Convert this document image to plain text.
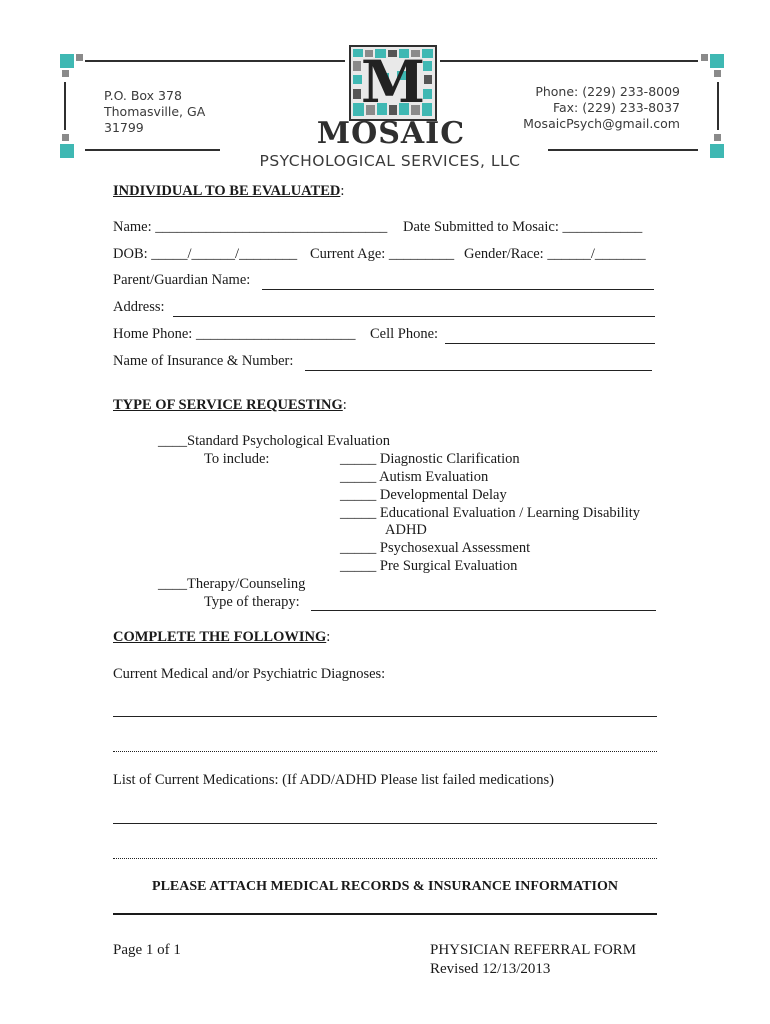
P.O. Box 378
Thomasville, GA
31799
Phone: (229) 233-8009
Fax: (229) 233-8037
MosaicPsych@gmail.com
M
MOSAIC
PSYCHOLOGICAL SERVICES, LLC
INDIVIDUAL TO BE EVALUATED:
Name: ________________________________ Date Submitted to Mosaic: ___________
DOB: _____/______/________ Current Age: _________ Gender/Race: ______/_______
Parent/Guardian Name:
Address:
Home Phone: ______________________ Cell Phone:
Name of Insurance & Number:
TYPE OF SERVICE REQUESTING:
____Standard Psychological Evaluation
To include:	_____ Diagnostic Clarification
_____ Autism Evaluation
_____ Developmental Delay
_____ Educational Evaluation / Learning Disability
ADHD
_____ Psychosexual Assessment
_____ Pre Surgical Evaluation
____Therapy/Counseling
Type of therapy:
COMPLETE THE FOLLOWING:
Current Medical and/or Psychiatric Diagnoses:
List of Current Medications: (If ADD/ADHD Please list failed medications)
PLEASE ATTACH MEDICAL RECORDS & INSURANCE INFORMATION
Page 1 of 1	PHYSICIAN REFERRAL FORM
Revised 12/13/2013
